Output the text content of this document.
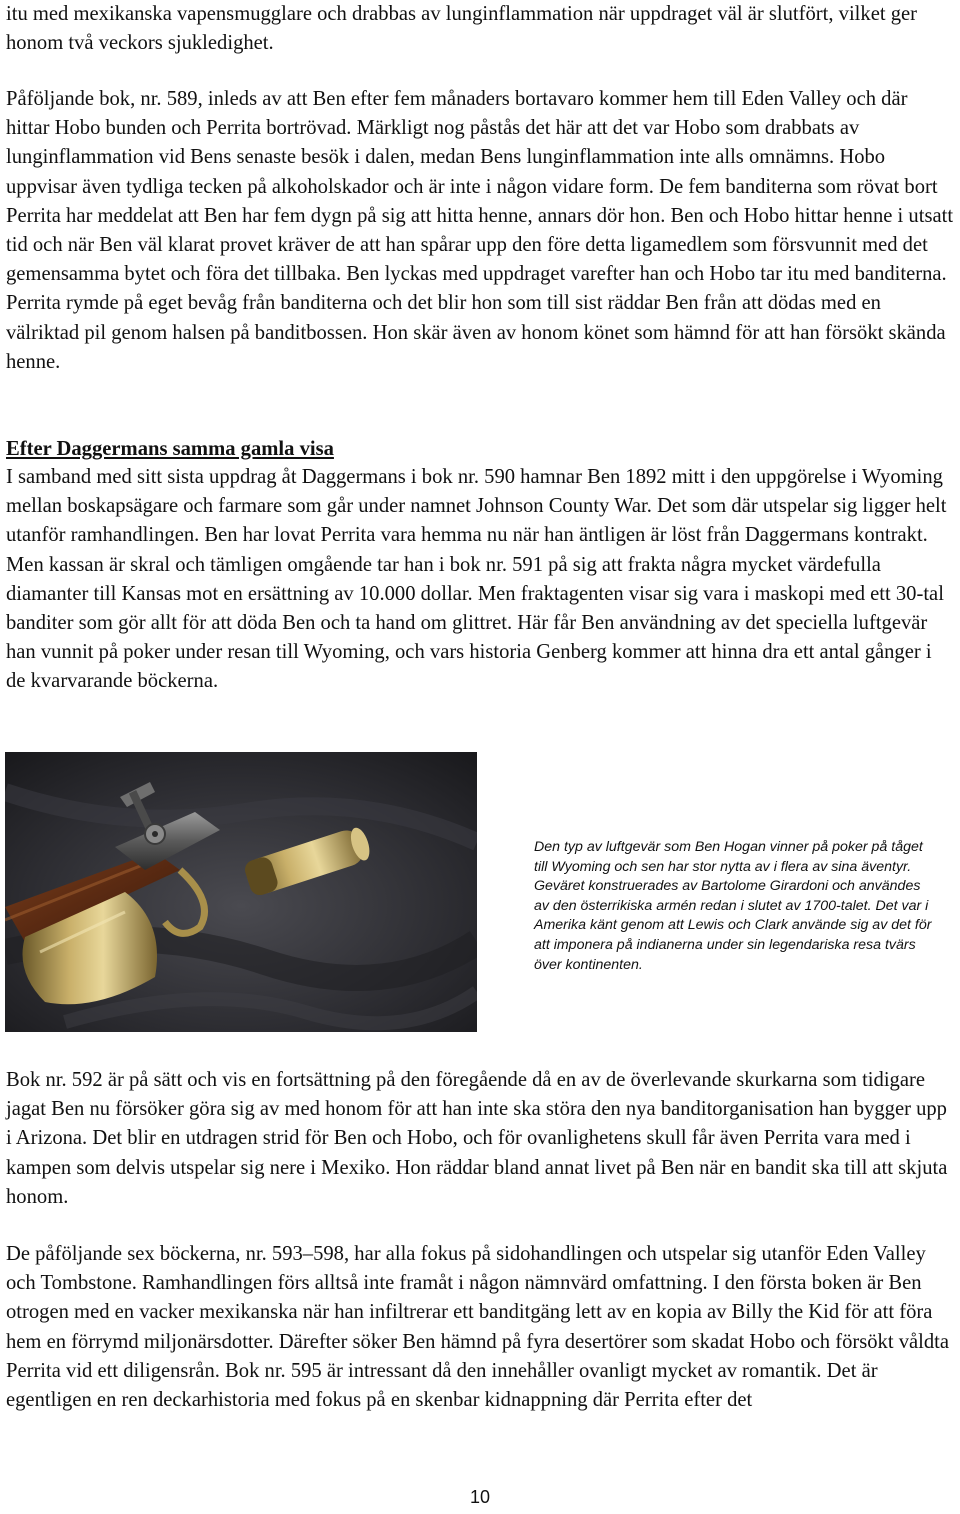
itu med mexikanska vapensmugglare och drabbas av lunginflammation när uppdraget väl är slutfört, vilket ger honom två veckors sjukledighet.

Påföljande bok, nr. 589, inleds av att Ben efter fem månaders bortavaro kommer hem till Eden Valley och där hittar Hobo bunden och Perrita bortrövad. Märkligt nog påstås det här att det var Hobo som drabbats av lunginflammation vid Bens senaste besök i dalen, medan Bens lunginflammation inte alls omnämns. Hobo uppvisar även tydliga tecken på alkoholskador och är inte i någon vidare form. De fem banditerna som rövat bort Perrita har meddelat att Ben har fem dygn på sig att hitta henne, annars dör hon. Ben och Hobo hittar henne i utsatt tid och när Ben väl klarat provet kräver de att han spårar upp den före detta ligamedlem som försvunnit med det gemensamma bytet och föra det tillbaka. Ben lyckas med uppdraget varefter han och Hobo tar itu med banditerna. Perrita rymde på eget bevåg från banditerna och det blir hon som till sist räddar Ben från att dödas med en välriktad pil genom halsen på banditbossen. Hon skär även av honom könet som hämnd för att han försökt skända henne.

Efter Daggermans samma gamla visa

I samband med sitt sista uppdrag åt Daggermans i bok nr. 590 hamnar Ben 1892 mitt i den uppgörelse i Wyoming mellan boskapsägare och farmare som går under namnet Johnson County War. Det som där utspelar sig ligger helt utanför ramhandlingen. Ben har lovat Perrita vara hemma nu när han äntligen är löst från Daggermans kontrakt. Men kassan är skral och tämligen omgående tar han i bok nr. 591 på sig att frakta några mycket värdefulla diamanter till Kansas mot en ersättning av 10.000 dollar. Men fraktagenten visar sig vara i maskopi med ett 30-tal banditer som gör allt för att döda Ben och ta hand om glittret. Här får Ben användning av det speciella luftgevär han vunnit på poker under resan till Wyoming, och vars historia Genberg kommer att hinna dra ett antal gånger i de kvarvarande böckerna.

Den typ av luftgevär som Ben Hogan vinner på poker på tåget till Wyoming och sen har stor nytta av i flera av sina äventyr. Geväret konstruerades av Bartolome Girardoni och användes av den österrikiska armén redan i slutet av 1700-talet. Det var i Amerika känt genom att Lewis och Clark använde sig av det för att imponera på indianerna under sin legendariska resa tvärs över kontinenten.

Bok nr. 592 är på sätt och vis en fortsättning på den föregående då en av de överlevande skurkarna som tidigare jagat Ben nu försöker göra sig av med honom för att han inte ska störa den nya banditorganisation han bygger upp i Arizona. Det blir en utdragen strid för Ben och Hobo, och för ovanlighetens skull får även Perrita vara med i kampen som delvis utspelar sig nere i Mexiko. Hon räddar bland annat livet på Ben när en bandit ska till att skjuta honom.

De påföljande sex böckerna, nr. 593–598, har alla fokus på sidohandlingen och utspelar sig utanför Eden Valley och Tombstone. Ramhandlingen förs alltså inte framåt i någon nämnvärd omfattning. I den första boken är Ben otrogen med en vacker mexikanska när han infiltrerar ett banditgäng lett av en kopia av Billy the Kid för att föra hem en förrymd miljonärsdotter. Därefter söker Ben hämnd på fyra desertörer som skadat Hobo och försökt våldta Perrita vid ett diligensrån. Bok nr. 595 är intressant då den innehåller ovanligt mycket av romantik. Det är egentligen en ren deckarhistoria med fokus på en skenbar kidnappning där Perrita efter det

10
